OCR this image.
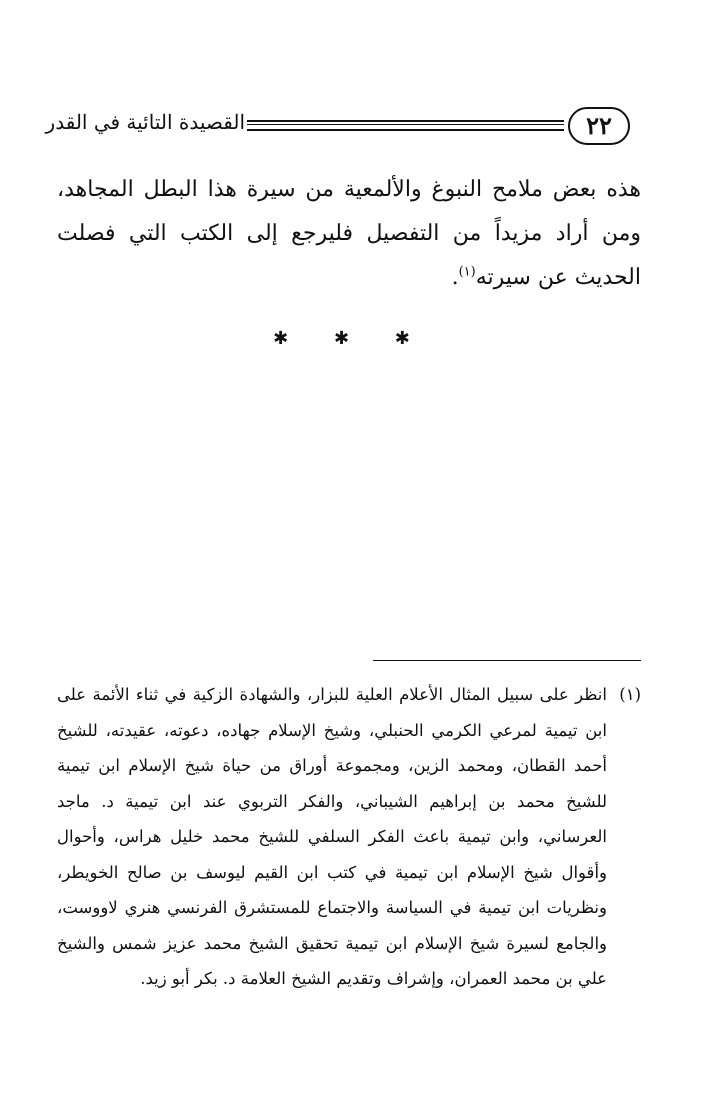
٢٢
القصيدة التائية في القدر

هذه بعض ملامح النبوغ والألمعية من سيرة هذا البطل المجاهد، ومن أراد مزيداً من التفصيل فليرجع إلى الكتب التي فصلت الحديث عن سيرته$^{(١)}$.

✱ ✱ ✱

(١)انظر على سبيل المثال الأعلام العلية للبزار، والشهادة الزكية في ثناء الأئمة على ابن تيمية لمرعي الكرمي الحنبلي، وشيخ الإسلام جهاده، دعوته، عقيدته، للشيخ أحمد القطان، ومحمد الزين، ومجموعة أوراق من حياة شيخ الإسلام ابن تيمية للشيخ محمد بن إبراهيم الشيباني، والفكر التربوي عند ابن تيمية د. ماجد العرساني، وابن تيمية باعث الفكر السلفي للشيخ محمد خليل هراس، وأحوال وأقوال شيخ الإسلام ابن تيمية في كتب ابن القيم ليوسف بن صالح الخويطر، ونظريات ابن تيمية في السياسة والاجتماع للمستشرق الفرنسي هنري لاووست، والجامع لسيرة شيخ الإسلام ابن تيمية تحقيق الشيخ محمد عزيز شمس والشيخ علي بن محمد العمران، وإشراف وتقديم الشيخ العلامة د. بكر أبو زيد.
